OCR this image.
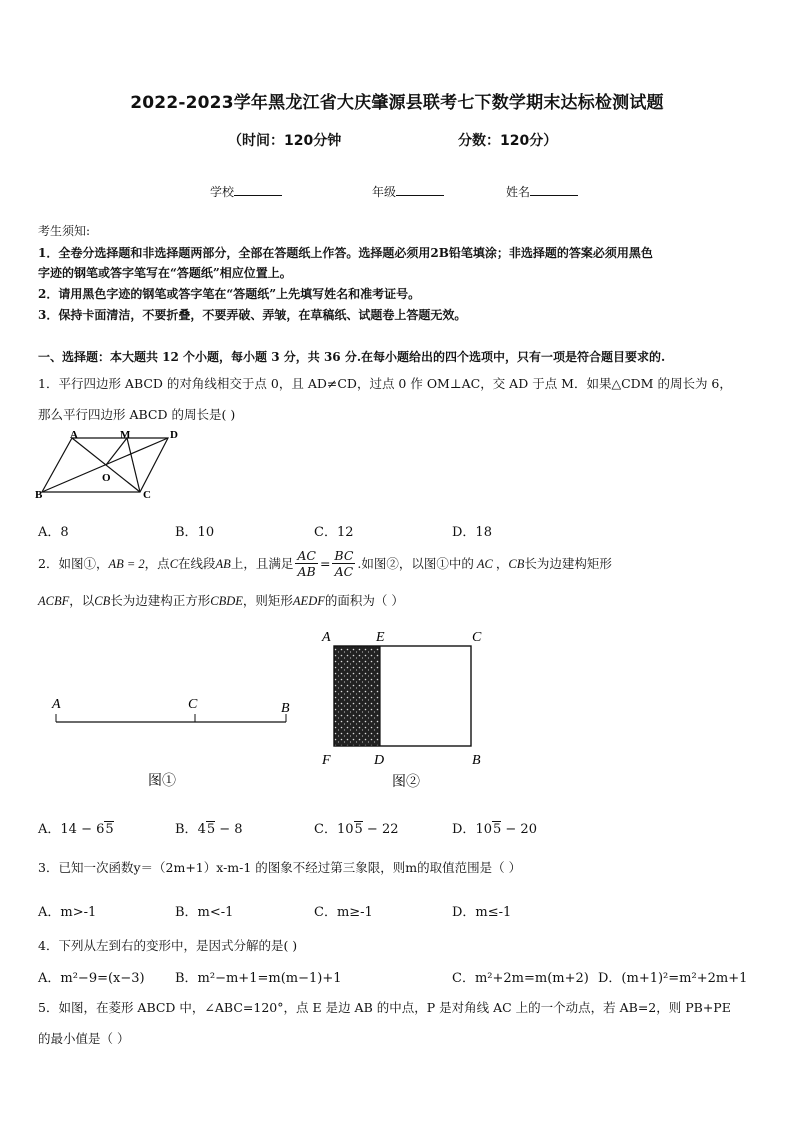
2022-2023学年黑龙江省大庆肇源县联考七下数学期末达标检测试题
（时间：120分钟	分数：120分）
学校	年级	姓名
考生须知:
1．全卷分选择题和非选择题两部分，全部在答题纸上作答。选择题必须用2B铅笔填涂；非选择题的答案必须用黑色
字迹的钢笔或答字笔写在“答题纸”相应位置上。
2．请用黑色字迹的钢笔或答字笔在“答题纸”上先填写姓名和准考证号。
3．保持卡面清洁，不要折叠，不要弄破、弄皱，在草稿纸、试题卷上答题无效。
一、选择题：本大题共 12 个小题，每小题 3 分，共 36 分.在每小题给出的四个选项中，只有一项是符合题目要求的.
1．平行四边形 ABCD 的对角线相交于点 0，且 AD≠CD，过点 0 作 OM⊥AC，交 AD 于点 M．如果△CDM 的周长为 6，
那么平行四边形 ABCD 的周长是( )
A	M	D
O
B	C
A．8	B．10	C．12	D．18
2．如图①， AB = 2 ，点 C 在线段 AB 上，且满足 $\frac{AC}{AB} = \frac{BC}{AC}$ .如图②，以图①中的 AC ， CB 长为边建构矩形
ACBF，以CB长为边建构正方形CBDE，则矩形AEDF的面积为（ ）
A	C	B
图①
A	E	C
F	D	B
图②
A．14 − 65	B．45 − 8	C．105 − 22	D．105 − 20
3．已知一次函数y＝（2m+1）x-m-1 的图象不经过第三象限，则m的取值范围是（ ）
A．m>-1	B．m<-1	C．m≥-1	D．m≤-1
4．下列从左到右的变形中，是因式分解的是( )
A．m²−9=(x−3) B．m²−m+1=m(m−1)+1	C．m²+2m=m(m+2) D．(m+1)²=m²+2m+1
5．如图，在菱形 ABCD 中，∠ABC=120°，点 E 是边 AB 的中点，P 是对角线 AC 上的一个动点，若 AB=2，则 PB+PE
的最小值是（ ）
